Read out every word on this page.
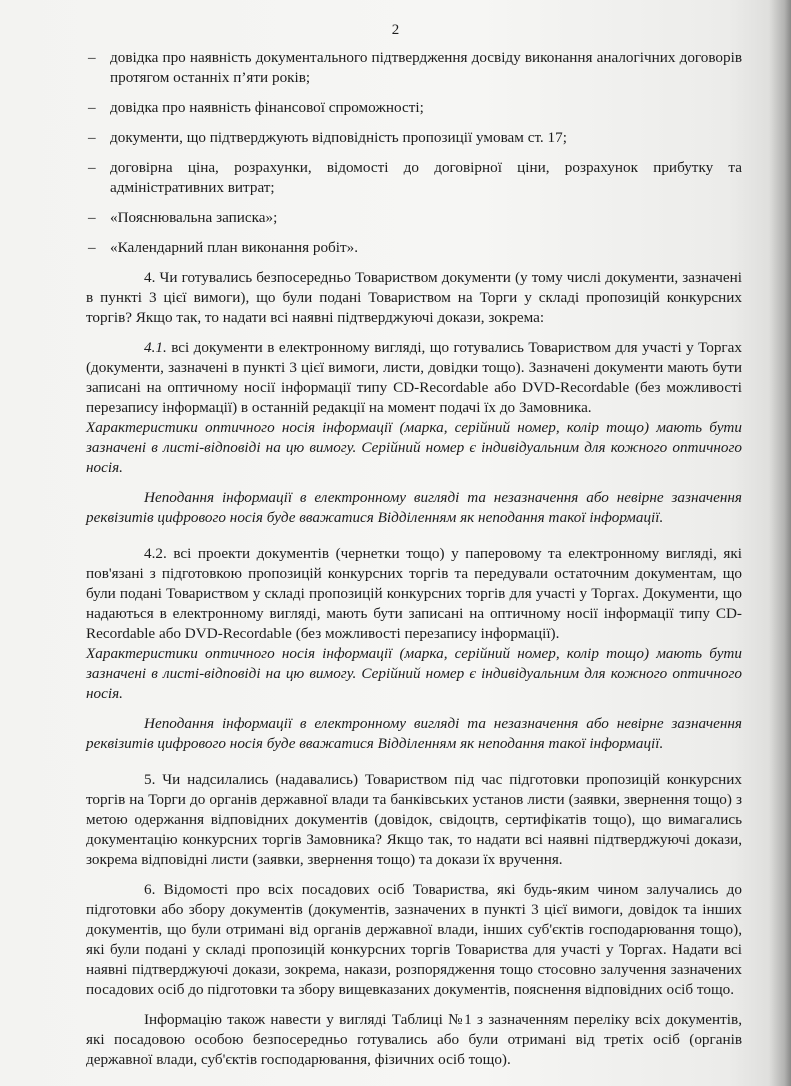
2
– довідка про наявність документального підтвердження досвіду виконання аналогічних договорів протягом останніх п’яти років;
– довідка про наявність фінансової спроможності;
– документи, що підтверджують відповідність пропозиції умовам ст. 17;
– договірна ціна, розрахунки, відомості до договірної ціни, розрахунок прибутку та адміністративних витрат;
– «Пояснювальна записка»;
– «Календарний план виконання робіт».

4. Чи готувались безпосередньо Товариством документи (у тому числі документи, зазначені в пункті 3 цієї вимоги), що були подані Товариством на Торги у складі пропозицій конкурсних торгів? Якщо так, то надати всі наявні підтверджуючі докази, зокрема:

4.1. всі документи в електронному вигляді, що готувались Товариством для участі у Торгах (документи, зазначені в пункті 3 цієї вимоги, листи, довідки тощо). Зазначені документи мають бути записані на оптичному носії інформації типу CD-Recordable або DVD-Recordable (без можливості перезапису інформації) в останній редакції на момент подачі їх до Замовника.

Характеристики оптичного носія інформації (марка, серійний номер, колір тощо) мають бути зазначені в листі-відповіді на цю вимогу. Серійний номер є індивідуальним для кожного оптичного носія.

Неподання інформації в електронному вигляді та незазначення або невірне зазначення реквізитів цифрового носія буде вважатися Відділенням як неподання такої інформації.

4.2. всі проекти документів (чернетки тощо) у паперовому та електронному вигляді, які пов'язані з підготовкою пропозицій конкурсних торгів та передували остаточним документам, що були подані Товариством у складі пропозицій конкурсних торгів для участі у Торгах. Документи, що надаються в електронному вигляді, мають бути записані на оптичному носії інформації типу CD-Recordable або DVD-Recordable (без можливості перезапису інформації).

Характеристики оптичного носія інформації (марка, серійний номер, колір тощо) мають бути зазначені в листі-відповіді на цю вимогу. Серійний номер є індивідуальним для кожного оптичного носія.

Неподання інформації в електронному вигляді та незазначення або невірне зазначення реквізитів цифрового носія буде вважатися Відділенням як неподання такої інформації.

5. Чи надсилались (надавались) Товариством під час підготовки пропозицій конкурсних торгів на Торги до органів державної влади та банківських установ листи (заявки, звернення тощо) з метою одержання відповідних документів (довідок, свідоцтв, сертифікатів тощо), що вимагались документацію конкурсних торгів Замовника? Якщо так, то надати всі наявні підтверджуючі докази, зокрема відповідні листи (заявки, звернення тощо) та докази їх вручення.

6. Відомості про всіх посадових осіб Товариства, які будь-яким чином залучались до підготовки або збору документів (документів, зазначених в пункті 3 цієї вимоги, довідок та інших документів, що були отримані від органів державної влади, інших суб'єктів господарювання тощо), які були подані у складі пропозицій конкурсних торгів Товариства для участі у Торгах. Надати всі наявні підтверджуючі докази, зокрема, накази, розпорядження тощо стосовно залучення зазначених посадових осіб до підготовки та збору вищевказаних документів, пояснення відповідних осіб тощо.

Інформацію також навести у вигляді Таблиці №1 з зазначенням переліку всіх документів, які посадовою особою безпосередньо готувались або були отримані від третіх осіб (органів державної влади, суб'єктів господарювання, фізичних осіб тощо).
